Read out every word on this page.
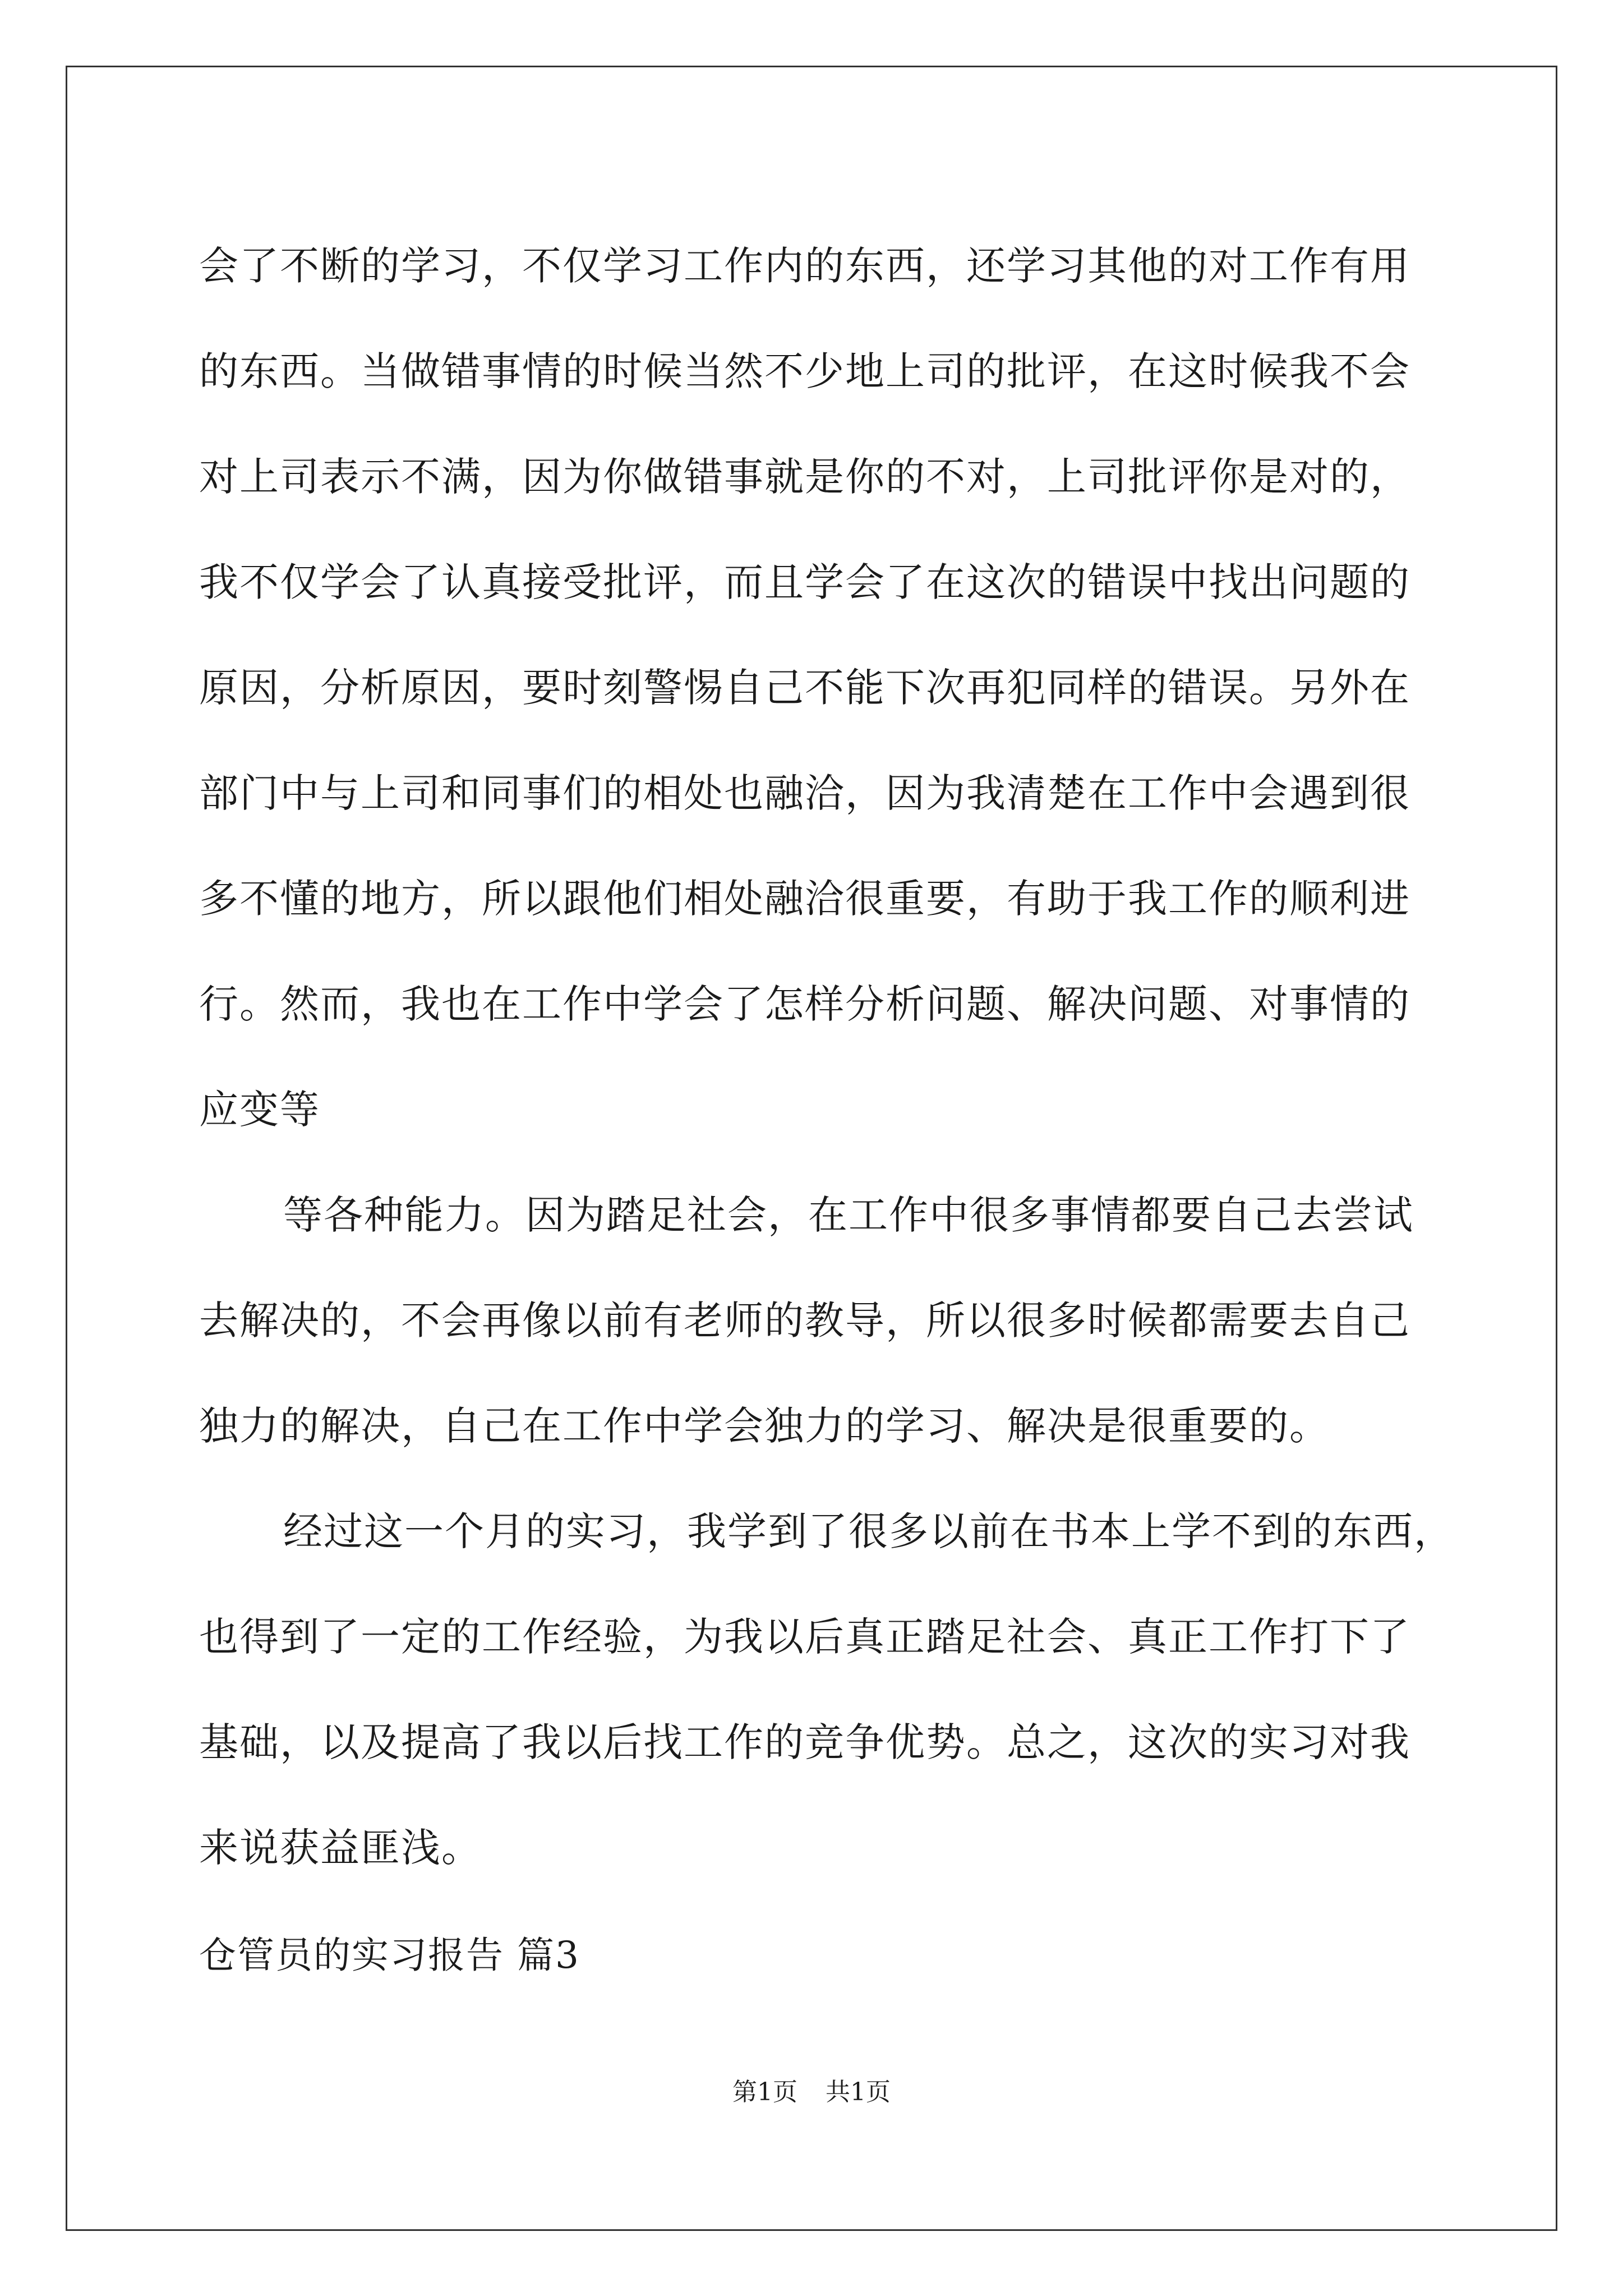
会了不断的学习，不仅学习工作内的东西，还学习其他的对工作有用
的东西。当做错事情的时候当然不少地上司的批评，在这时候我不会
对上司表示不满，因为你做错事就是你的不对，上司批评你是对的，
我不仅学会了认真接受批评，而且学会了在这次的错误中找出问题的
原因，分析原因，要时刻警惕自己不能下次再犯同样的错误。另外在
部门中与上司和同事们的相处也融洽，因为我清楚在工作中会遇到很
多不懂的地方，所以跟他们相处融洽很重要，有助于我工作的顺利进
行。然而，我也在工作中学会了怎样分析问题、解决问题、对事情的
应变等
等各种能力。因为踏足社会，在工作中很多事情都要自己去尝试
去解决的，不会再像以前有老师的教导，所以很多时候都需要去自己
独力的解决，自己在工作中学会独力的学习、解决是很重要的。
经过这一个月的实习，我学到了很多以前在书本上学不到的东西，
也得到了一定的工作经验，为我以后真正踏足社会、真正工作打下了
基础，以及提高了我以后找工作的竞争优势。总之，这次的实习对我
来说获益匪浅。
仓管员的实习报告 篇3
第1页 共1页
